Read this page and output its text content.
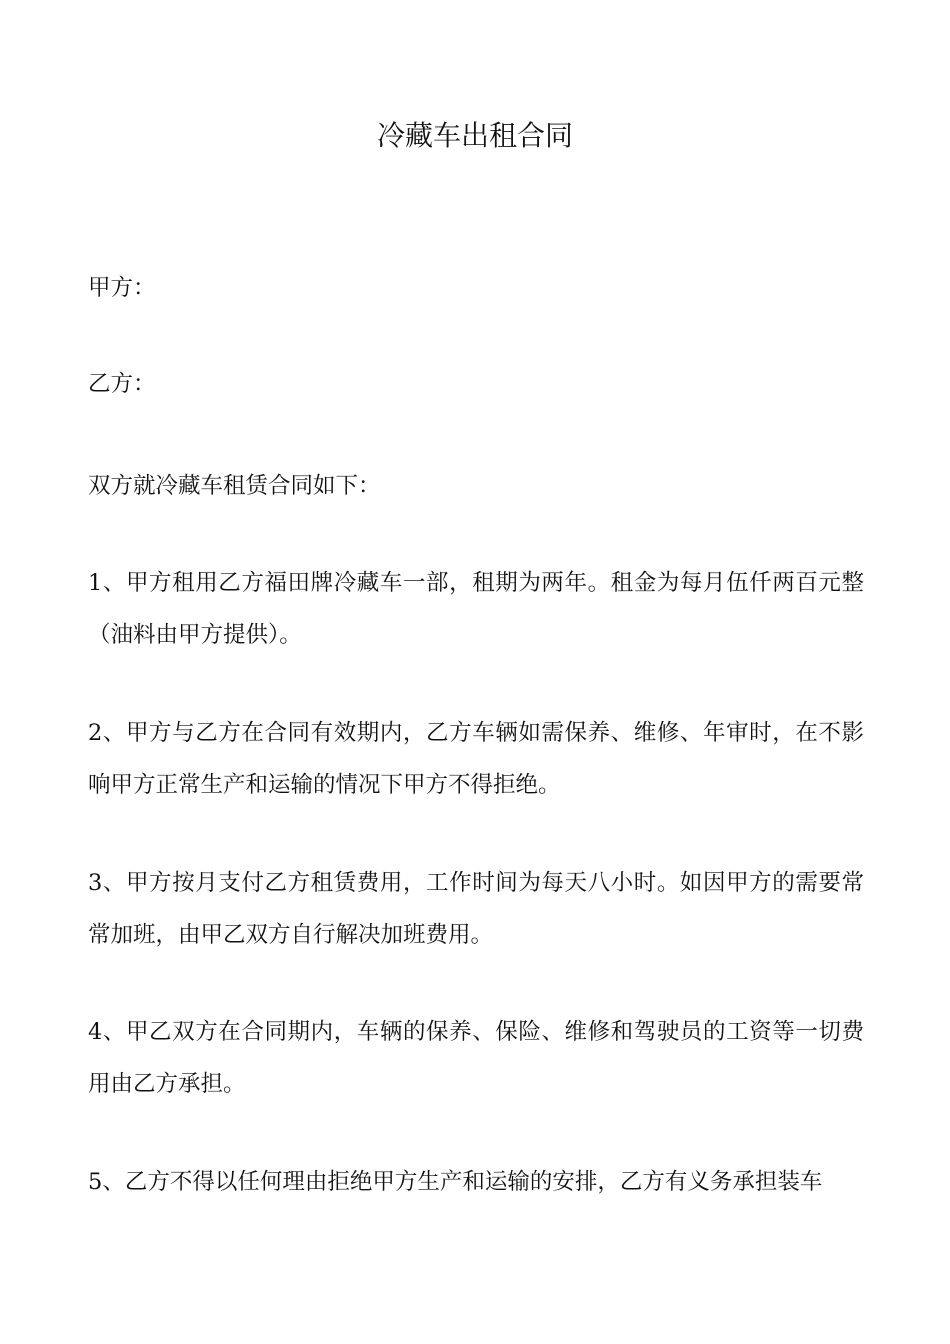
冷藏车出租合同

甲方：

乙方：

双方就冷藏车租赁合同如下：

1、甲方租用乙方福田牌冷藏车一部，租期为两年。租金为每月伍仟两百元整（油料由甲方提供）。

2、甲方与乙方在合同有效期内，乙方车辆如需保养、维修、年审时，在不影响甲方正常生产和运输的情况下甲方不得拒绝。

3、甲方按月支付乙方租赁费用，工作时间为每天八小时。如因甲方的需要常常加班，由甲乙双方自行解决加班费用。

4、甲乙双方在合同期内，车辆的保养、保险、维修和驾驶员的工资等一切费用由乙方承担。

5、乙方不得以任何理由拒绝甲方生产和运输的安排，乙方有义务承担装车
